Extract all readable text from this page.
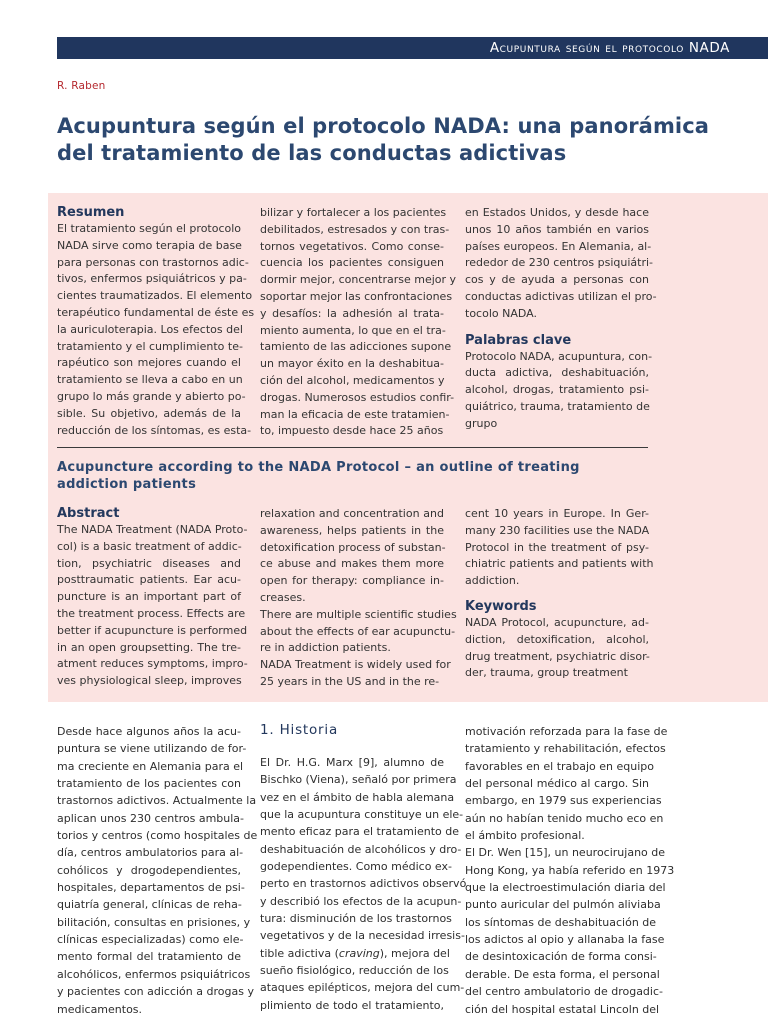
Acupuntura según el protocolo NADA
R. Raben
Acupuntura según el protocolo NADA: una panorámica
del tratamiento de las conductas adictivas
Resumen
El tratamiento según el protocolo
NADA sirve como terapia de base
para personas con trastornos adic-
tivos, enfermos psiquiátricos y pa-
cientes traumatizados. El elemento
terapéutico fundamental de éste es
la auriculoterapia. Los efectos del
tratamiento y el cumplimiento te-
rapéutico son mejores cuando el
tratamiento se lleva a cabo en un
grupo lo más grande y abierto po-
sible. Su objetivo, además de la
reducción de los síntomas, es esta-
bilizar y fortalecer a los pacientes
debilitados, estresados y con tras-
tornos vegetativos. Como conse-
cuencia los pacientes consiguen
dormir mejor, concentrarse mejor y
soportar mejor las confrontaciones
y desafíos: la adhesión al trata-
miento aumenta, lo que en el tra-
tamiento de las adicciones supone
un mayor éxito en la deshabitua-
ción del alcohol, medicamentos y
drogas. Numerosos estudios confir-
man la eficacia de este tratamien-
to, impuesto desde hace 25 años
en Estados Unidos, y desde hace
unos 10 años también en varios
países europeos. En Alemania, al-
rededor de 230 centros psiquiátri-
cos y de ayuda a personas con
conductas adictivas utilizan el pro-
tocolo NADA.
Palabras clave
Protocolo NADA, acupuntura, con-
ducta adictiva, deshabituación,
alcohol, drogas, tratamiento psi-
quiátrico, trauma, tratamiento de
grupo
Acupuncture according to the NADA Protocol – an outline of treating
addiction patients
Abstract
The NADA Treatment (NADA Proto-
col) is a basic treatment of addic-
tion, psychiatric diseases and
posttraumatic patients. Ear acu-
puncture is an important part of
the treatment process. Effects are
better if acupuncture is performed
in an open groupsetting. The tre-
atment reduces symptoms, impro-
ves physiological sleep, improves
relaxation and concentration and
awareness, helps patients in the
detoxification process of substan-
ce abuse and makes them more
open for therapy: compliance in-
creases.
There are multiple scientific studies
about the effects of ear acupunctu-
re in addiction patients.
NADA Treatment is widely used for
25 years in the US and in the re-
cent 10 years in Europe. In Ger-
many 230 facilities use the NADA
Protocol in the treatment of psy-
chiatric patients and patients with
addiction.
Keywords
NADA Protocol, acupuncture, ad-
diction, detoxification, alcohol,
drug treatment, psychiatric disor-
der, trauma, group treatment
Desde hace algunos años la acu-
puntura se viene utilizando de for-
ma creciente en Alemania para el
tratamiento de los pacientes con
trastornos adictivos. Actualmente la
aplican unos 230 centros ambula-
torios y centros (como hospitales de
día, centros ambulatorios para al-
cohólicos y drogodependientes,
hospitales, departamentos de psi-
quiatría general, clínicas de reha-
bilitación, consultas en prisiones, y
clínicas especializadas) como ele-
mento formal del tratamiento de
alcohólicos, enfermos psiquiátricos
y pacientes con adicción a drogas y
medicamentos.
1. Historia
El Dr. H.G. Marx [9], alumno de
Bischko (Viena), señaló por primera
vez en el ámbito de habla alemana
que la acupuntura constituye un ele-
mento eficaz para el tratamiento de
deshabituación de alcohólicos y dro-
godependientes. Como médico ex-
perto en trastornos adictivos observó
y describió los efectos de la acupun-
tura: disminución de los trastornos
vegetativos y de la necesidad irresis-
tible adictiva (craving), mejora del
sueño fisiológico, reducción de los
ataques epilépticos, mejora del cum-
plimiento de todo el tratamiento,
motivación reforzada para la fase de
tratamiento y rehabilitación, efectos
favorables en el trabajo en equipo
del personal médico al cargo. Sin
embargo, en 1979 sus experiencias
aún no habían tenido mucho eco en
el ámbito profesional.
El Dr. Wen [15], un neurocirujano de
Hong Kong, ya había referido en 1973
que la electroestimulación diaria del
punto auricular del pulmón aliviaba
los síntomas de deshabituación de
los adictos al opio y allanaba la fase
de desintoxicación de forma consi-
derable. De esta forma, el personal
del centro ambulatorio de drogadic-
ción del hospital estatal Lincoln del
